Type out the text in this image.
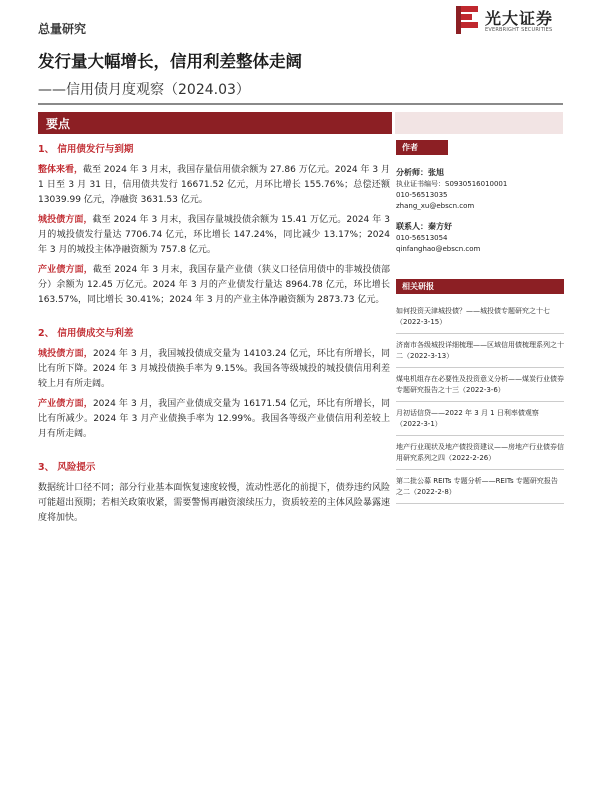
总量研究
光大证券
EVERBRIGHT SECURITIES
发行量大幅增长，信用利差整体走阔
——信用债月度观察（2024.03）
要点
1、 信用债发行与到期

整体来看，截至 2024 年 3 月末，我国存量信用债余额为 27.86 万亿元。2024 年 3 月 1 日至 3 月 31 日，信用债共发行 16671.52 亿元，月环比增长 155.76%；总偿还额 13039.99 亿元，净融资 3631.53 亿元。

城投债方面，截至 2024 年 3 月末，我国存量城投债余额为 15.41 万亿元。2024 年 3 月的城投债发行量达 7706.74 亿元，环比增长 147.24%，同比减少 13.17%；2024 年 3 月的城投主体净融资额为 757.8 亿元。

产业债方面，截至 2024 年 3 月末，我国存量产业债（狭义口径信用债中的非城投债部分）余额为 12.45 万亿元。2024 年 3 月的产业债发行量达 8964.78 亿元，环比增长 163.57%，同比增长 30.41%；2024 年 3 月的产业主体净融资额为 2873.73 亿元。

2、 信用债成交与利差

城投债方面，2024 年 3 月，我国城投债成交量为 14103.24 亿元，环比有所增长，同比有所下降。2024 年 3 月城投债换手率为 9.15%。我国各等级城投的城投债信用利差较上月有所走阔。

产业债方面，2024 年 3 月，我国产业债成交量为 16171.54 亿元，环比有所增长，同比有所减少。2024 年 3 月产业债换手率为 12.99%。我国各等级产业债信用利差较上月有所走阔。

3、 风险提示

数据统计口径不同；部分行业基本面恢复速度较慢，流动性恶化的前提下，债券违约风险可能超出预期；若相关政策收紧，需要警惕再融资滚续压力，资质较差的主体风险暴露速度将加快。

作者
分析师：张旭
执业证书编号：S0930516010001
010-56513035
zhang_xu@ebscn.com
联系人：秦方好
010-56513054
qinfanghao@ebscn.com
相关研报
如何投资天津城投债？——城投债专题研究之十七（2022-3-15）
济南市各级城投详细梳理——区域信用债梳理系列之十二（2022-3-13）
煤电机组存在必要性及投资意义分析——煤炭行业债券专题研究报告之十三（2022-3-6）
月初话信贷——2022 年 3 月 1 日利率债观察（2022-3-1）
地产行业现状及地产债投资建议——房地产行业债券信用研究系列之四（2022-2-26）
第二批公募 REITs 专题分析——REITs 专题研究报告之二（2022-2-8）
